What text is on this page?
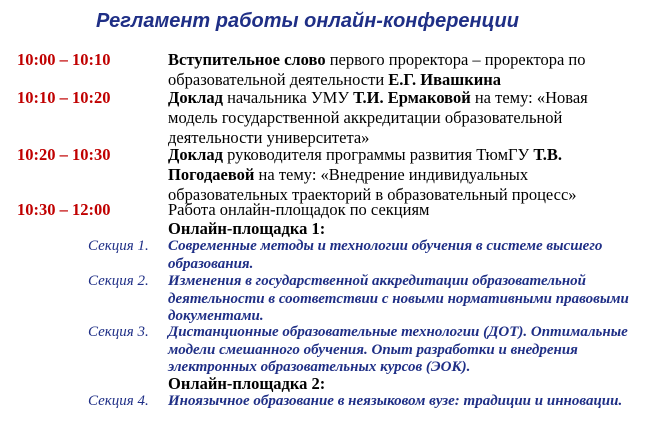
Регламент работы онлайн-конференции

10:00 – 10:10	Вступительное слово первого проректора – проректора по образовательной деятельности Е.Г. Ивашкина

10:10 – 10:20	Доклад начальника УМУ Т.И. Ермаковой на тему: «Новая модель государственной аккредитации образовательной деятельности университета»

10:20 – 10:30	Доклад руководителя программы развития ТюмГУ Т.В. Погодаевой на тему: «Внедрение индивидуальных образовательных траекторий в образовательный процесс»

10:30 – 12:00	Работа онлайн-площадок по секциям

Онлайн-площадка 1:

Секция 1. Современные методы и технологии обучения в системе высшего образования.

Секция 2. Изменения в государственной аккредитации образовательной деятельности в соответствии с новыми нормативными правовыми документами.

Секция 3. Дистанционные образовательные технологии (ДОТ). Оптимальные модели смешанного обучения. Опыт разработки и внедрения электронных образовательных курсов (ЭОК).

Онлайн-площадка 2:

Секция 4. Иноязычное образование в неязыковом вузе: традиции и инновации.
